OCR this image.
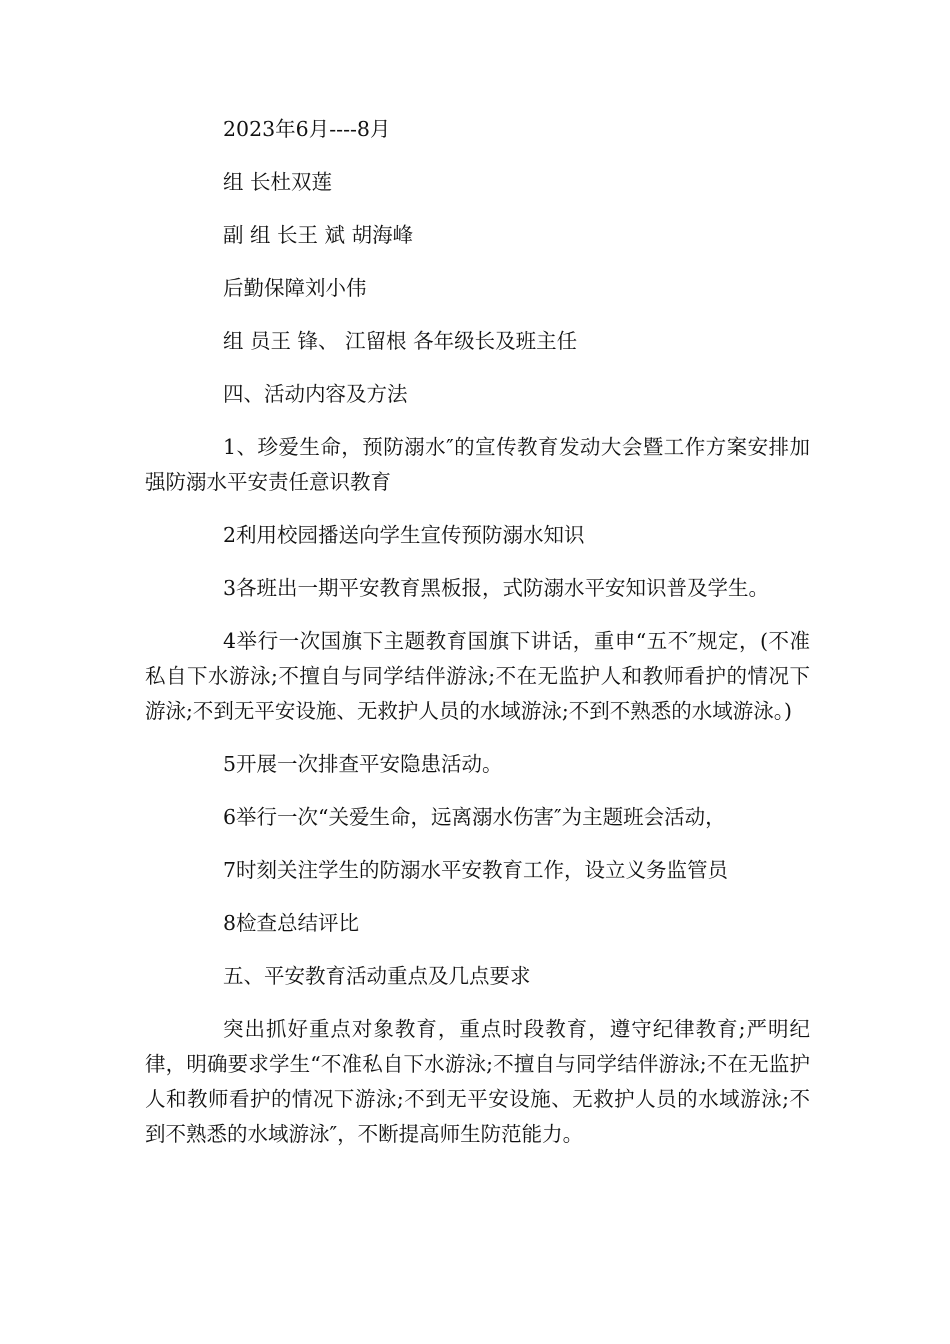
2023年6月----8月

组 长杜双莲

副 组 长王 斌 胡海峰

后勤保障刘小伟

组 员王 锋、 江留根 各年级长及班主任

四、活动内容及方法

1、珍爱生命，预防溺水″的宣传教育发动大会暨工作方案安排加强防溺水平安责任意识教育

2利用校园播送向学生宣传预防溺水知识

3各班出一期平安教育黑板报，式防溺水平安知识普及学生。

4举行一次国旗下主题教育国旗下讲话，重申“五不″规定，(不准私自下水游泳;不擅自与同学结伴游泳;不在无监护人和教师看护的情况下游泳;不到无平安设施、无救护人员的水域游泳;不到不熟悉的水域游泳。)

5开展一次排查平安隐患活动。

6举行一次“关爱生命，远离溺水伤害″为主题班会活动，

7时刻关注学生的防溺水平安教育工作，设立义务监管员

8检查总结评比

五、平安教育活动重点及几点要求

突出抓好重点对象教育，重点时段教育，遵守纪律教育;严明纪律，明确要求学生“不准私自下水游泳;不擅自与同学结伴游泳;不在无监护人和教师看护的情况下游泳;不到无平安设施、无救护人员的水域游泳;不到不熟悉的水域游泳″，不断提高师生防范能力。
